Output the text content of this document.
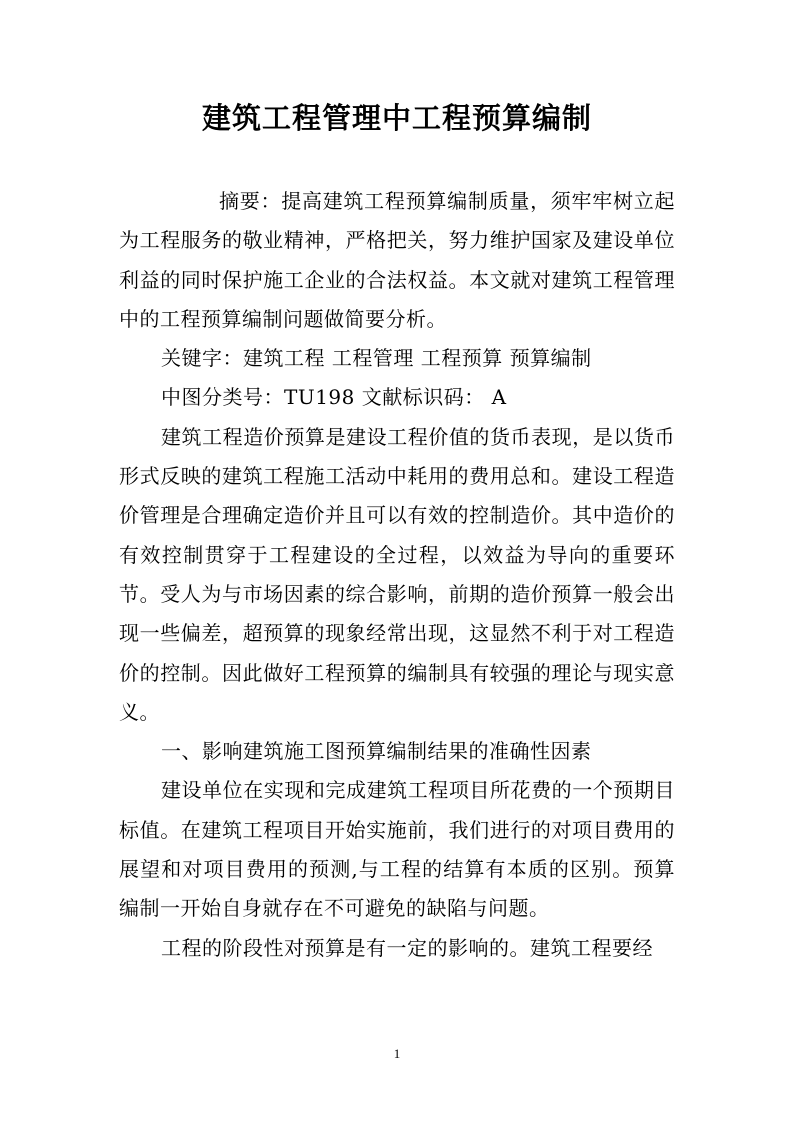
建筑工程管理中工程预算编制

摘要：提高建筑工程预算编制质量，须牢牢树立起为工程服务的敬业精神，严格把关，努力维护国家及建设单位利益的同时保护施工企业的合法权益。本文就对建筑工程管理中的工程预算编制问题做简要分析。

关键字：建筑工程 工程管理 工程预算 预算编制

中图分类号：TU198 文献标识码： A

建筑工程造价预算是建设工程价值的货币表现，是以货币形式反映的建筑工程施工活动中耗用的费用总和。建设工程造价管理是合理确定造价并且可以有效的控制造价。其中造价的有效控制贯穿于工程建设的全过程，以效益为导向的重要环节。受人为与市场因素的综合影响，前期的造价预算一般会出现一些偏差，超预算的现象经常出现，这显然不利于对工程造价的控制。因此做好工程预算的编制具有较强的理论与现实意义。

一、影响建筑施工图预算编制结果的准确性因素

建设单位在实现和完成建筑工程项目所花费的一个预期目标值。在建筑工程项目开始实施前，我们进行的对项目费用的展望和对项目费用的预测,与工程的结算有本质的区别。预算编制一开始自身就存在不可避免的缺陷与问题。

工程的阶段性对预算是有一定的影响的。建筑工程要经

1
